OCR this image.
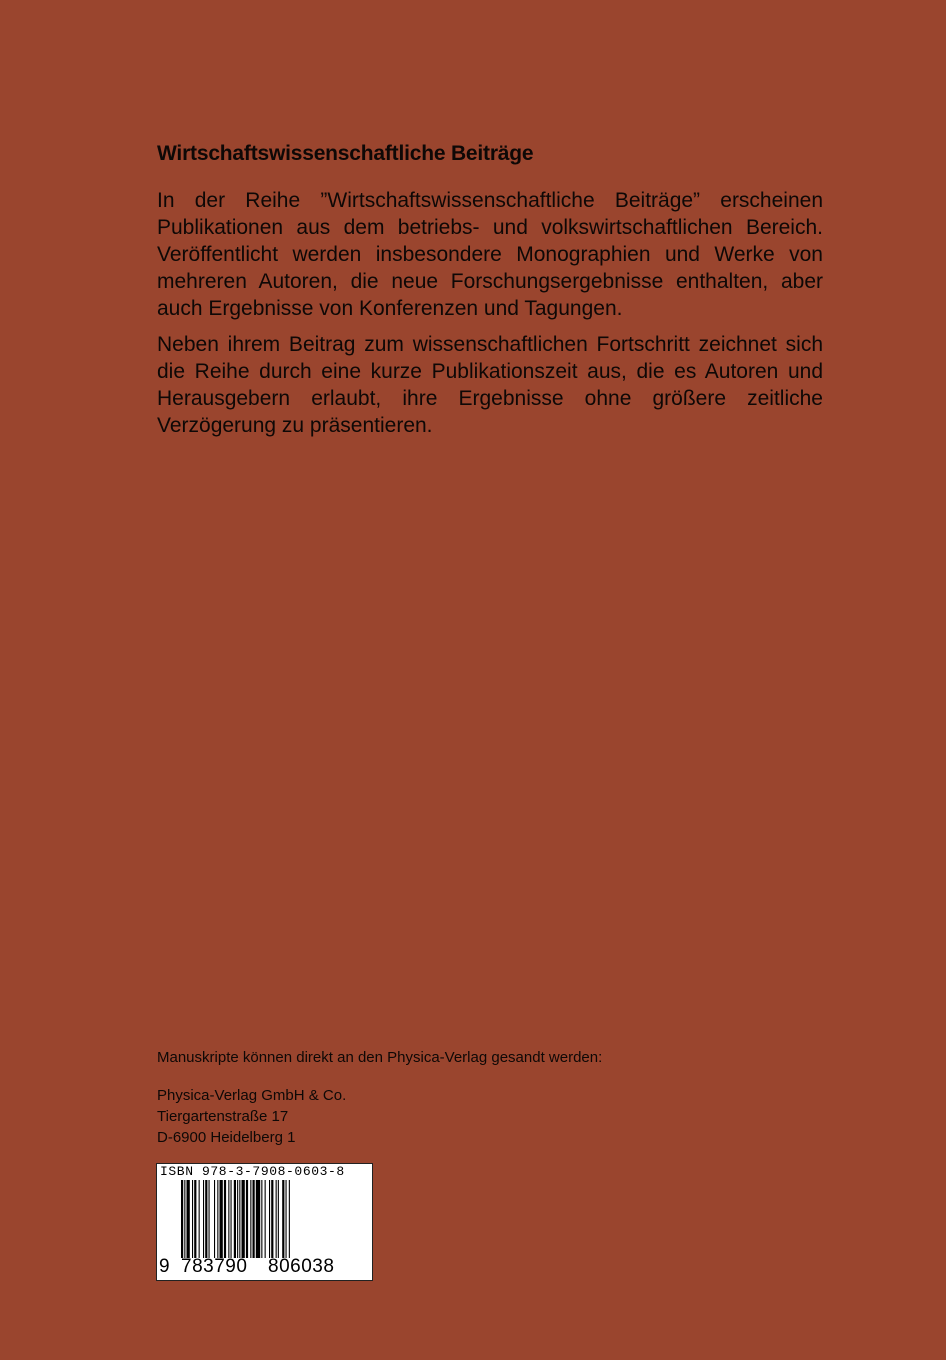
Wirtschaftswissenschaftliche Beiträge

In der Reihe ”Wirtschaftswissenschaftliche Beiträge” erscheinen Publikationen aus dem betriebs- und volkswirtschaftlichen Bereich. Veröffentlicht werden insbesondere Monographien und Werke von mehreren Autoren, die neue Forschungsergebnisse enthalten, aber auch Ergebnisse von Konferenzen und Tagungen.

Neben ihrem Beitrag zum wissenschaftlichen Fortschritt zeichnet sich die Reihe durch eine kurze Publikationszeit aus, die es Autoren und Herausgebern erlaubt, ihre Ergebnisse ohne größere zeitliche Verzögerung zu präsentieren.

Manuskripte können direkt an den Physica-Verlag gesandt werden:

Physica-Verlag GmbH & Co.
Tiergartenstraße 17
D-6900 Heidelberg 1
ISBN 978-3-7908-0603-8
9 783790	806038
